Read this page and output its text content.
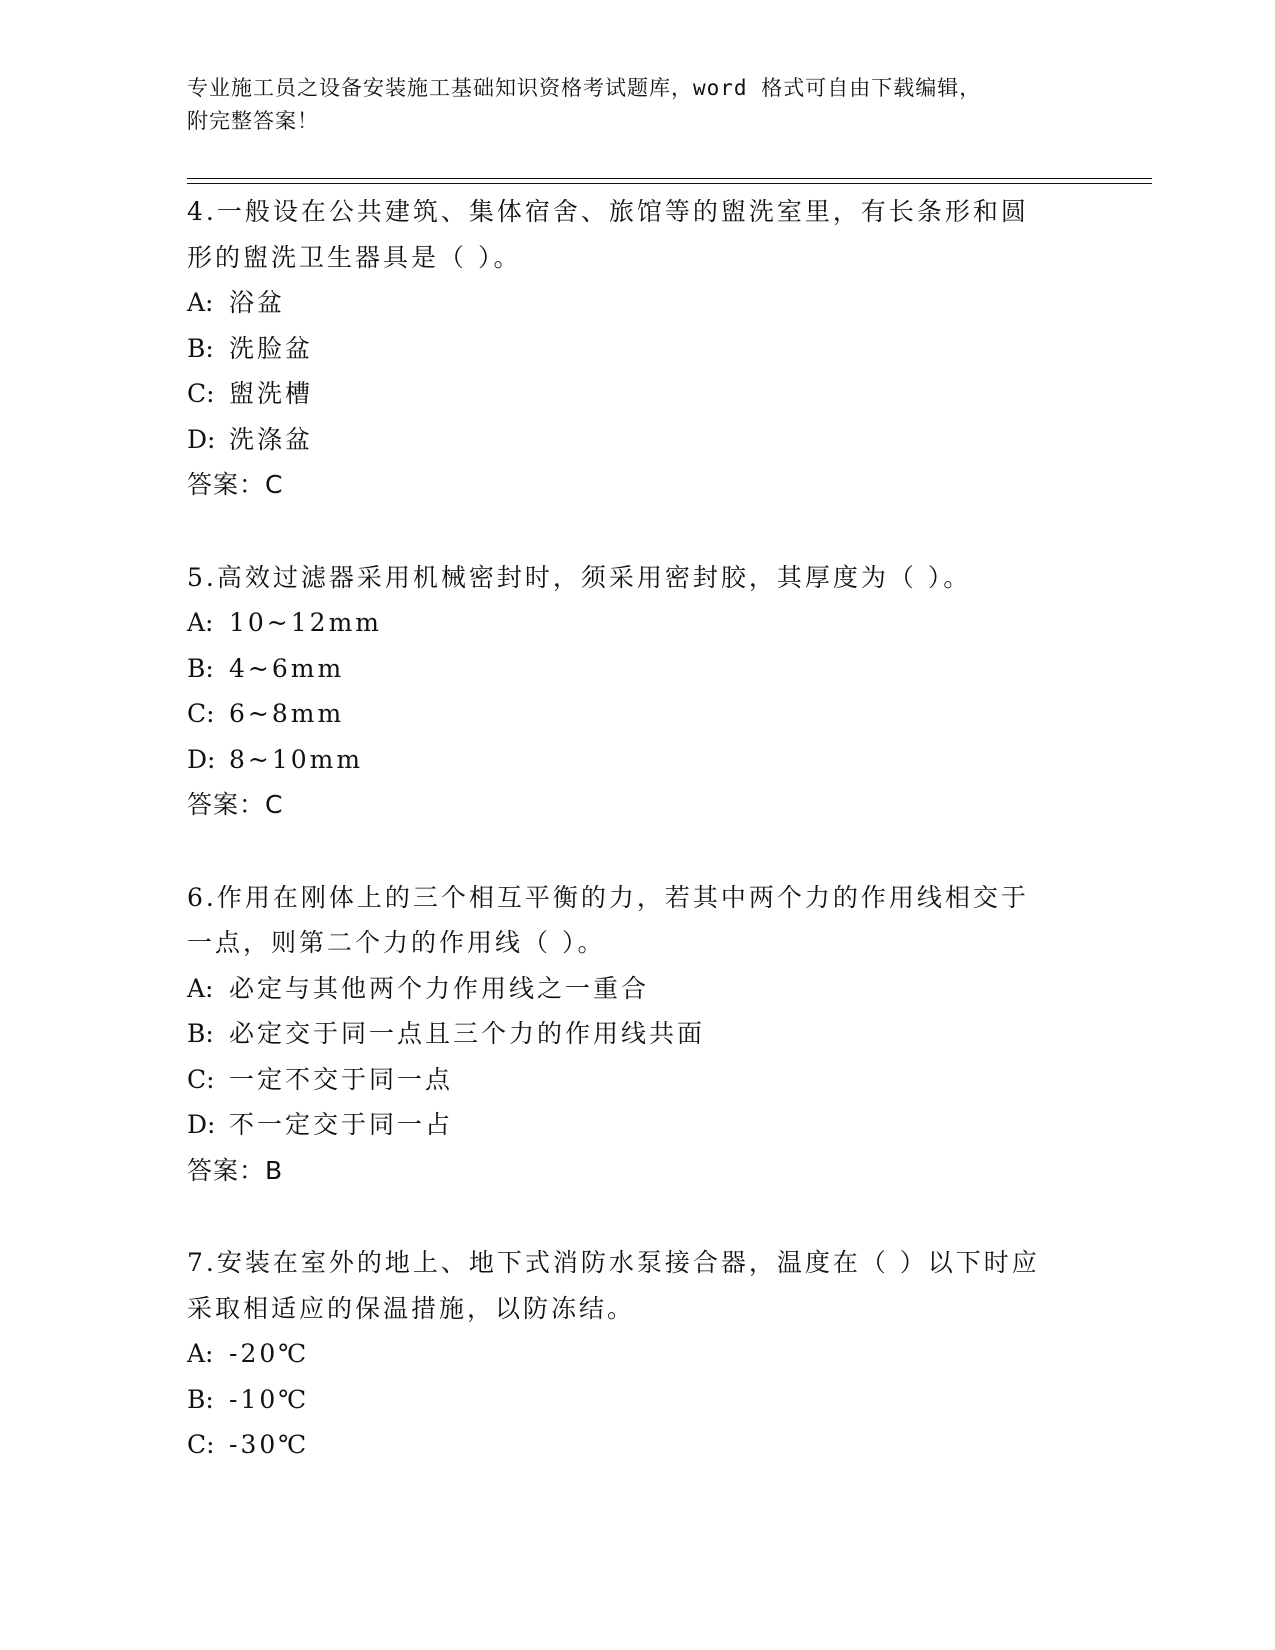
专业施工员之设备安装施工基础知识资格考试题库，word 格式可自由下载编辑，
附完整答案！
4.一般设在公共建筑、集体宿舍、旅馆等的盥洗室里，有长条形和圆
形的盥洗卫生器具是（ ）。
A: 浴盆
B: 洗脸盆
C: 盥洗槽
D: 洗涤盆
答案：C
5.高效过滤器采用机械密封时，须采用密封胶，其厚度为（ ）。
A: 10~12mm
B: 4~6mm
C: 6~8mm
D: 8~10mm
答案：C
6.作用在刚体上的三个相互平衡的力，若其中两个力的作用线相交于
一点，则第二个力的作用线（ ）。
A: 必定与其他两个力作用线之一重合
B: 必定交于同一点且三个力的作用线共面
C: 一定不交于同一点
D: 不一定交于同一占
答案：B
7.安装在室外的地上、地下式消防水泵接合器，温度在（ ）以下时应
采取相适应的保温措施，以防冻结。
A: -20℃
B: -10℃
C: -30℃
